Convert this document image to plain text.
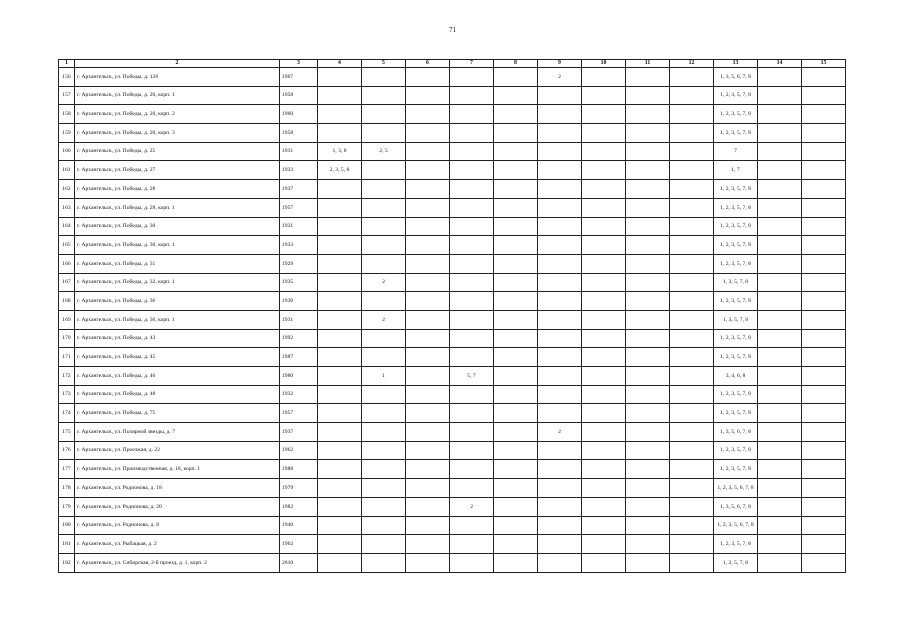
71
1	2	3	4	5	6	7	8	9	10	11	12	13	14	15
156	г. Архангельск, ул. Победы, д. 126	1967						2				1, 3, 5, 6, 7, 8		
157	г. Архангельск, ул. Победы, д. 20, корп. 1	1958										1, 2, 3, 5, 7, 8		
158	г. Архангельск, ул. Победы, д. 20, корп. 2	1960										1, 2, 3, 5, 7, 8		
159	г. Архангельск, ул. Победы, д. 20, корп. 3	1958										1, 2, 3, 5, 7, 8		
160	г. Архангельск, ул. Победы, д. 25	1931	1, 3, 8	2, 5								7		
161	г. Архангельск, ул. Победы, д. 27	1933	2, 3, 5, 8									1, 7		
162	г. Архангельск, ул. Победы, д. 28	1937										1, 2, 3, 5, 7, 8		
163	г. Архангельск, ул. Победы, д. 28, корп. 1	1957										1, 2, 3, 5, 7, 8		
164	г. Архангельск, ул. Победы, д. 30	1931										1, 2, 3, 5, 7, 8		
165	г. Архангельск, ул. Победы, д. 30, корп. 1	1933										1, 2, 3, 5, 7, 8		
166	г. Архангельск, ул. Победы, д. 31	1929										1, 2, 3, 5, 7, 8		
167	г. Архангельск, ул. Победы, д. 32, корп. 1	1935		2								1, 3, 5, 7, 8		
168	г. Архангельск, ул. Победы, д. 36	1930										1, 2, 3, 5, 7, 8		
169	г. Архангельск, ул. Победы, д. 36, корп. 1	1931		2								1, 3, 5, 7, 8		
170	г. Архангельск, ул. Победы, д. 43	1992										1, 2, 3, 5, 7, 8		
171	г. Архангельск, ул. Победы, д. 45	1987										1, 2, 3, 5, 7, 8		
172	г. Архангельск, ул. Победы, д. 46	1980		1		5, 7						3, 4, 6, 8		
173	г. Архангельск, ул. Победы, д. 48	1932										1, 2, 3, 5, 7, 8		
174	г. Архангельск, ул. Победы, д. 75	1957										1, 2, 3, 5, 7, 8		
175	г. Архангельск, ул. Полярной звезды, д. 7	1937						2				1, 3, 5, 6, 7, 8		
176	г. Архангельск, ул. Проезжая, д. 22	1962										1, 2, 3, 5, 7, 8		
177	г. Архангельск, ул. Производственная, д. 18, корп. 1	1988										1, 2, 3, 5, 7, 8		
178	г. Архангельск, ул. Родионова, д. 18	1979										1, 2, 3, 5, 6, 7, 8		
179	г. Архангельск, ул. Родионова, д. 20	1982				2						1, 3, 5, 6, 7, 8		
180	г. Архангельск, ул. Родионова, д. 8	1940										1, 2, 3, 5, 6, 7, 8		
181	г. Архангельск, ул. Рыбацкая, д. 2	1962										1, 2, 3, 5, 7, 8		
182	г. Архангельск, ул. Сибирская, 2-й проезд, д. 1, корп. 2	2010										1, 2, 5, 7, 8		
